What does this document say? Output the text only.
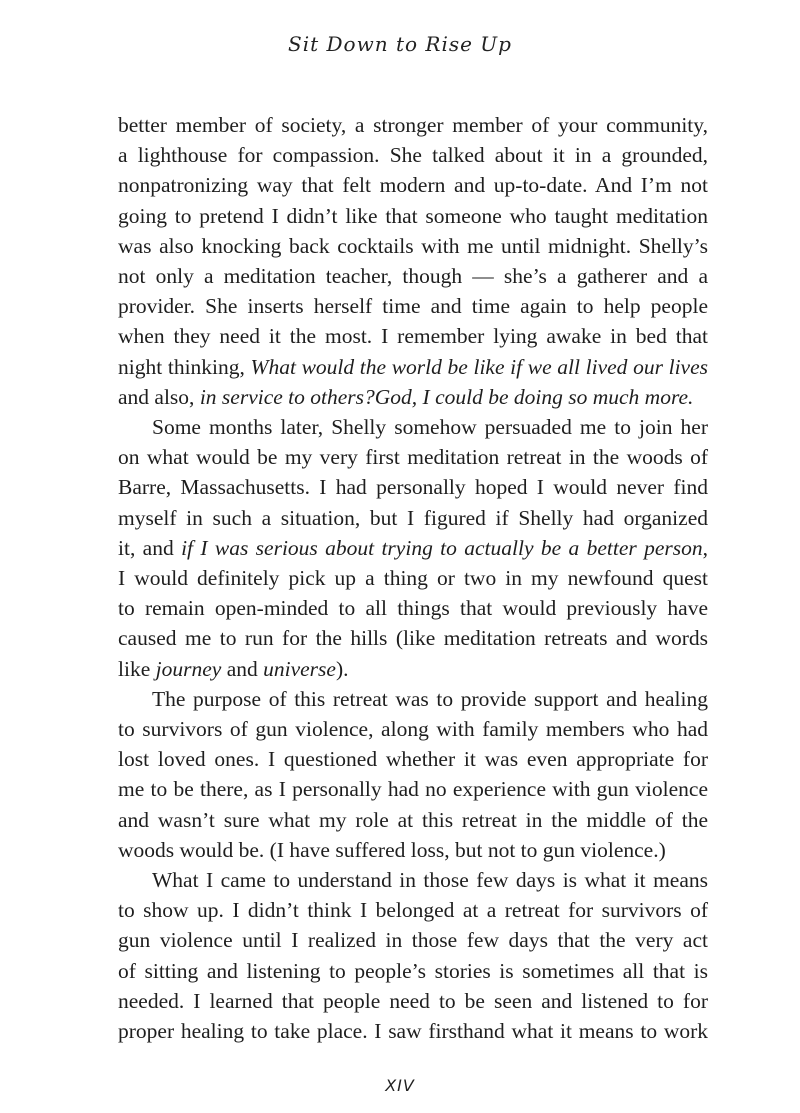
Sit Down to Rise Up

better member of society, a stronger member of your community,

a lighthouse for compassion. She talked about it in a grounded,

nonpatronizing way that felt modern and up-to-date. And I’m not

going to pretend I didn’t like that someone who taught meditation

was also knocking back cocktails with me until midnight. Shelly’s

not only a meditation teacher, though — she’s a gatherer and a

provider. She inserts herself time and time again to help people

when they need it the most. I remember lying awake in bed that

night thinking, What would the world be like if we all lived our lives

and also, in service to others?God, I could be doing so much more.

Some months later, Shelly somehow persuaded me to join her

on what would be my very first meditation retreat in the woods of

Barre, Massachusetts. I had personally hoped I would never find

myself in such a situation, but I figured if Shelly had organized

it, and if I was serious about trying to actually be a better person,

I would definitely pick up a thing or two in my newfound quest

to remain open-minded to all things that would previously have

caused me to run for the hills (like meditation retreats and words

like journey and universe).

The purpose of this retreat was to provide support and healing

to survivors of gun violence, along with family members who had

lost loved ones. I questioned whether it was even appropriate for

me to be there, as I personally had no experience with gun violence

and wasn’t sure what my role at this retreat in the middle of the

woods would be. (I have suffered loss, but not to gun violence.)

What I came to understand in those few days is what it means

to show up. I didn’t think I belonged at a retreat for survivors of

gun violence until I realized in those few days that the very act

of sitting and listening to people’s stories is sometimes all that is

needed. I learned that people need to be seen and listened to for

proper healing to take place. I saw firsthand what it means to work

XIV
